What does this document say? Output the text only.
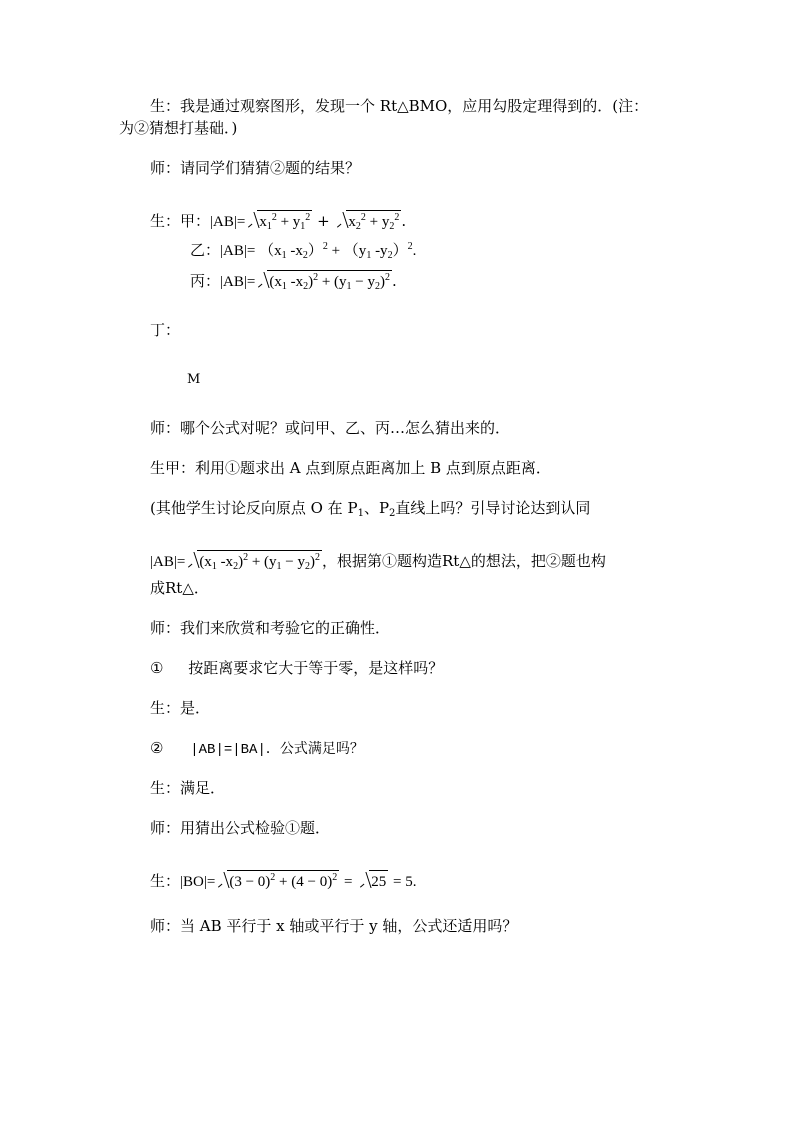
生：我是通过观察图形，发现一个 Rt△BMO，应用勾股定理得到的．(注：
为②猜想打基础．)
师：请同学们猜猜②题的结果？
生：甲：$|AB|= x_1^2 + y_1^2 + x_2^2 + y_2^2$ .
乙：$|AB|= (x_1$ $-x_2)^2 + (y_1$ $-y_2)^2$.
丙：$|AB|= (x_1$ $-x_2)^2 + (y_1 - y_2)^2$ .
丁：
M
师：哪个公式对呢？或问甲、乙、丙…怎么猜出来的．
生甲：利用①题求出 A 点到原点距离加上 B 点到原点距离．
(其他学生讨论反向原点 O 在 $P_1$、$P_2$直线上吗？引导讨论达到认同
$|AB|= (x_1$ $-x_2)^2 + (y_1 - y_2)^2$ ，根据第①题构造Rt△的想法，把②题也构
成Rt△．
师：我们来欣赏和考验它的正确性．
① 按距离要求它大于等于零，是这样吗？
生：是．
② |AB|=|BA|．公式满足吗？
生：满足．
师：用猜出公式检验①题．
生：$|BO|= (3 - 0)^2 + (4 - 0)^2 = 25 = 5$.
师：当 AB 平行于 x 轴或平行于 y 轴，公式还适用吗？
